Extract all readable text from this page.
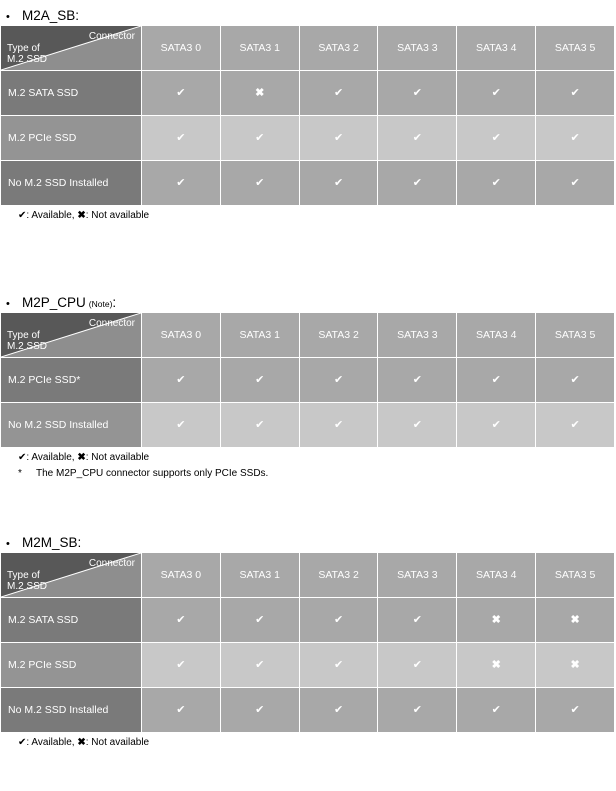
• M2A_SB :
Connector
Type of
M.2 SSD	SATA3 0	SATA3 1	SATA3 2	SATA3 3	SATA3 4	SATA3 5
M.2 SATA SSD	✔	✖	✔	✔	✔	✔
M.2 PCIe SSD	✔	✔	✔	✔	✔	✔
No M.2 SSD Installed	✔	✔	✔	✔	✔	✔
✔: Available, ✖: Not available
• M2P_CPU (Note) :
Connector
Type of
M.2 SSD	SATA3 0	SATA3 1	SATA3 2	SATA3 3	SATA3 4	SATA3 5
M.2 PCIe SSD*	✔	✔	✔	✔	✔	✔
No M.2 SSD Installed	✔	✔	✔	✔	✔	✔
✔: Available, ✖: Not available
*	The M2P_CPU connector supports only PCIe SSDs.
• M2M_SB :
Connector
Type of
M.2 SSD	SATA3 0	SATA3 1	SATA3 2	SATA3 3	SATA3 4	SATA3 5
M.2 SATA SSD	✔	✔	✔	✔	✖	✖
M.2 PCIe SSD	✔	✔	✔	✔	✖	✖
No M.2 SSD Installed	✔	✔	✔	✔	✔	✔
✔: Available, ✖: Not available
